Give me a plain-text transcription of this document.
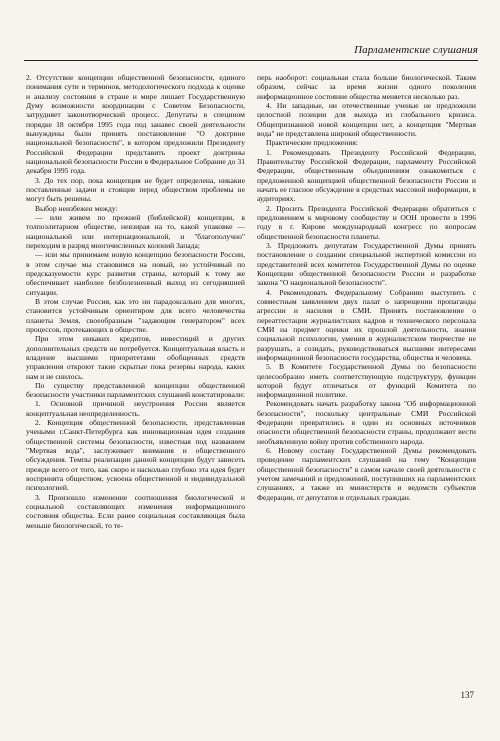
Парламентские слушания

2. Отсутствие концепции общественной безопасности, единого понимания сути и терминов, методологического подхода к оценке и анализу состояния в стране и мире лишает Государственную Думу возможности координации с Советом Безопасности, затрудняет законотворческий процесс. Депутаты в специном порядке 18 октября 1995 года под занавес своей деятельности вынуждены были принять постановление "О доктрине национальной безопасности", в котором предложили Президенту Российской Федерации представить проект доктрины национальной безопасности России в Федеральное Собрание до 31 декабря 1995 года.

3. До тех пор, пока концепция не будет определена, никакие поставленные задачи и стоящие перед обществом проблемы не могут быть решены.

Выбор неизбежен между:

— или живем по прежней (библейской) концепции, в толпоэлитарном обществе, невзирая на то, какой упаковке — национальной или интернациональной, и "благополучно" переходим в разряд многочисленных колоний Запада;

— или мы принимаем новую концепцию безопасности России, в этом случае мы становимся на новый, но устойчивый по предсказуемости курс развития страны, который к тому же обеспечивает наиболее безболезненный выход из сегодняшней ситуации.

В этом случае Россия, как это ни парадоксально для многих, становится устойчивым ориентиром для всего человечества планеты Земля, своеобразным "задающим генератором" всех процессов, протекающих в обществе.

При этом никаких кредитов, инвестиций и других дополнительных средств не потребуется. Концептуальная власть и владение высшими приоритетами обобщенных средств управления откроют такие скрытые пока резервы народа, каких нам и не снилось.

По существу представленной концепции общественной безопасности участники парламентских слушаний констатировали:

1. Основной причиной неустроения России является концептуальная неопределенность.

2. Концепция общественной безопасности, представленная учеными г.Санкт-Петербурга как инновационная идея создания общественной системы безопасности, известная под названием "Мертвая вода", заслуживает внимания и общественного обсуждения. Темпы реализации данной концепции будут зависеть прежде всего от того, как скоро и насколько глубоко эта идея будет воспринята обществом, усвоена общественной и индивидуальной психологией.

3. Произошло изменение соотношения биологической и социальной составляющих изменения информационного состояния общества. Если ранее социальная составляющая была меньше биологической, то те-

перь наоборот: социальная стала больше биологической. Таким образом, сейчас за время жизни одного поколения информационное состояние общества меняется несколько раз.

4. Ни западные, ни отечественные ученые не предложили целостной позиции для выхода из глобального кризиса. Общепризнанной новой концепции нет, а концепция "Мертвая вода" не представлена широкой общественности.

Практические предложения:

1. Рекомендовать Президенту Российской Федерации, Правительству Российской Федерации, парламенту Российской Федерации, общественным объединениям ознакомиться с предложенной концепцией общественной безопасности России и начать ее гласное обсуждение в средствах массовой информации, в аудиториях.

2. Просить Президента Российской Федерации обратиться с предложением к мировому сообществу и ООН провести в 1996 году в г. Кирове международный конгресс по вопросам общественной безопасности планеты.

3. Предложить депутатам Государственной Думы принять постановление о создании специальной экспертной комиссии из представителей всех комитетов Государственной Думы по оценке Концепции общественной безопасности России и разработке закона "О национальной безопасности".

4. Рекомендовать Федеральному Собранию выступить с совместным заявлением двух палат о запрещении пропаганды агрессии и насилия в СМИ. Принять постановление о переаттестации журналистских кадров и технического персонала СМИ на предмет оценки их прошлой деятельности, знания социальной психологии, умения в журналистском творчестве не разрушать, а созидать, руководствоваться высшими интересами информационной безопасности государства, общества и человека.

5. В Комитете Государственной Думы по безопасности целесообразно иметь соответствующую подструктуру, функции которой будут отличаться от функций Комитета по информационной политике.

Рекомендовать начать разработку закона "Об информационной безопасности", поскольку центральные СМИ Российской Федерации превратились в один из основных источников опасности общественной безопасности страны, продолжают вести необъявленную войну против собственного народа.

6. Новому составу Государственной Думы рекомендовать проведение парламентских слушаний на тему "Концепция общественной безопасности" в самом начале своей деятельности с учетом замечаний и предложений, поступивших на парламентских слушаниях, а также из министерств и ведомств субъектов Федерации, от депутатов и отдельных граждан.

137
